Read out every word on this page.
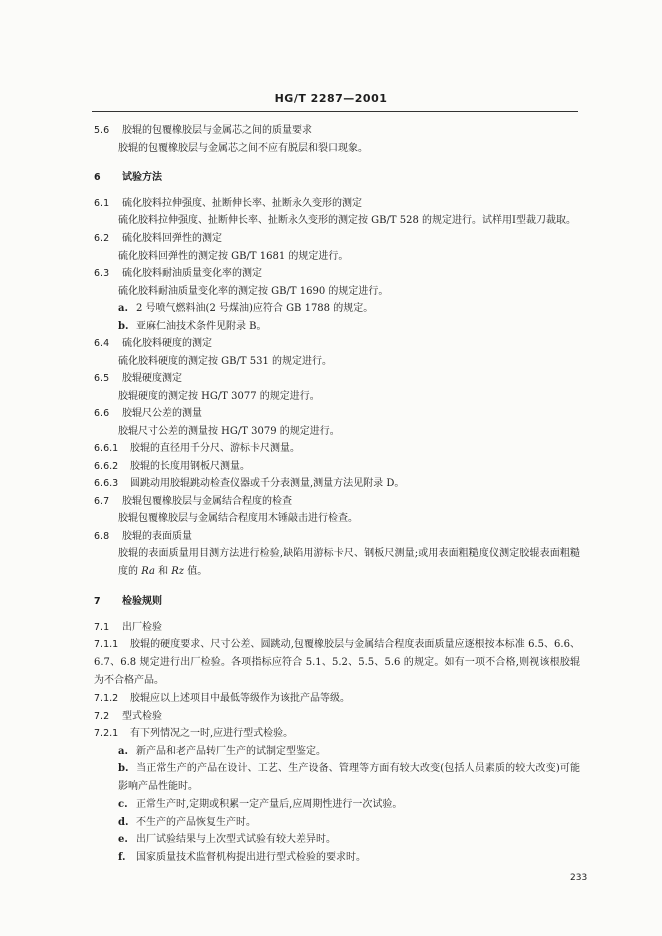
HG/T 2287—2001
5.6 胶辊的包覆橡胶层与金属芯之间的质量要求
胶辊的包覆橡胶层与金属芯之间不应有脱层和裂口现象。
6 试验方法
6.1 硫化胶料拉伸强度、扯断伸长率、扯断永久变形的测定
硫化胶料拉伸强度、扯断伸长率、扯断永久变形的测定按 GB/T 528 的规定进行。试样用Ⅰ型裁刀裁取。
6.2 硫化胶料回弹性的测定
硫化胶料回弹性的测定按 GB/T 1681 的规定进行。
6.3 硫化胶料耐油质量变化率的测定
硫化胶料耐油质量变化率的测定按 GB/T 1690 的规定进行。
a. 2 号喷气燃料油(2 号煤油)应符合 GB 1788 的规定。
b. 亚麻仁油技术条件见附录 B。
6.4 硫化胶料硬度的测定
硫化胶料硬度的测定按 GB/T 531 的规定进行。
6.5 胶辊硬度测定
胶辊硬度的测定按 HG/T 3077 的规定进行。
6.6 胶辊尺公差的测量
胶辊尺寸公差的测量按 HG/T 3079 的规定进行。
6.6.1 胶辊的直径用千分尺、游标卡尺测量。
6.6.2 胶辊的长度用钢板尺测量。
6.6.3 圆跳动用胶辊跳动检查仪器或千分表测量,测量方法见附录 D。
6.7 胶辊包覆橡胶层与金属结合程度的检查
胶辊包覆橡胶层与金属结合程度用木锤敲击进行检查。
6.8 胶辊的表面质量
胶辊的表面质量用目测方法进行检验,缺陷用游标卡尺、钢板尺测量;或用表面粗糙度仪测定胶辊表面粗糙度的 Ra 和 Rz 值。
7 检验规则
7.1 出厂检验
7.1.1 胶辊的硬度要求、尺寸公差、圆跳动,包覆橡胶层与金属结合程度表面质量应逐根按本标准 6.5、6.6、6.7、6.8 规定进行出厂检验。各项指标应符合 5.1、5.2、5.5、5.6 的规定。如有一项不合格,则视该根胶辊为不合格产品。
7.1.2 胶辊应以上述项目中最低等级作为该批产品等级。
7.2 型式检验
7.2.1 有下列情况之一时,应进行型式检验。
a. 新产品和老产品转厂生产的试制定型鉴定。
b. 当正常生产的产品在设计、工艺、生产设备、管理等方面有较大改变(包括人员素质的较大改变)可能影响产品性能时。
c. 正常生产时,定期或积累一定产量后,应周期性进行一次试验。
d. 不生产的产品恢复生产时。
e. 出厂试验结果与上次型式试验有较大差异时。
f. 国家质量技术监督机构提出进行型式检验的要求时。
233
